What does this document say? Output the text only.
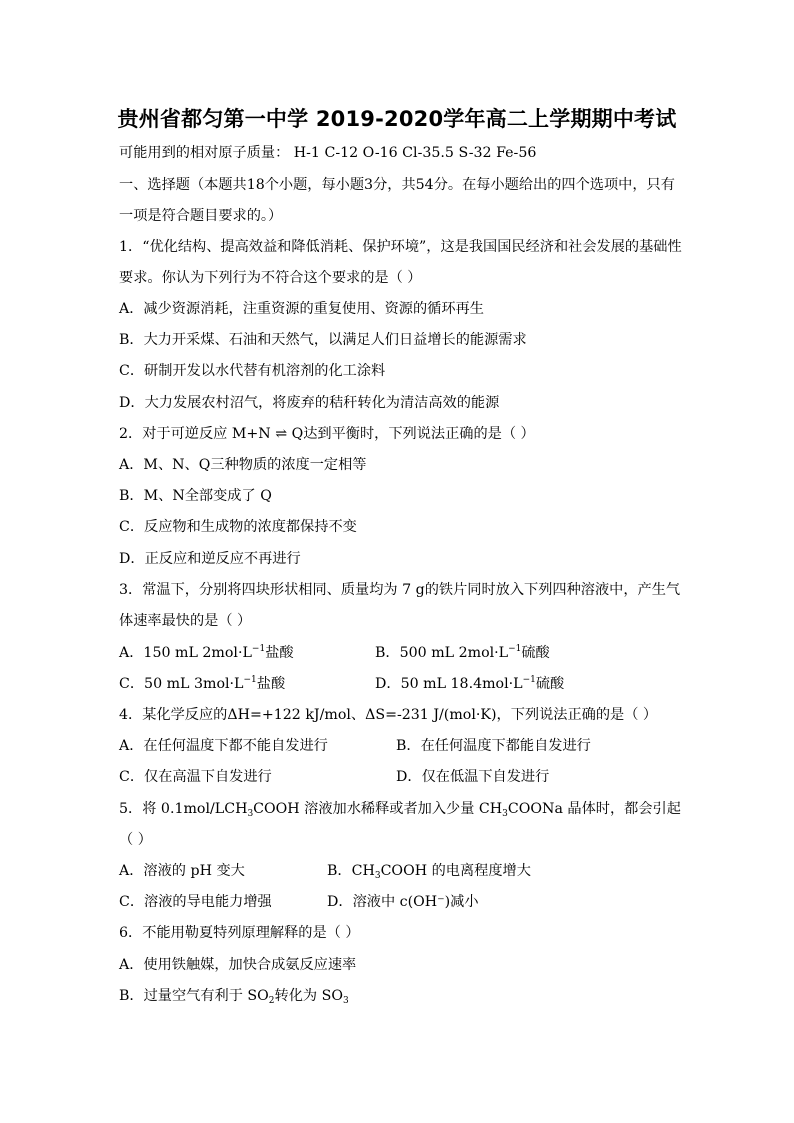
贵州省都匀第一中学 2019-2020学年高二上学期期中考试
可能用到的相对原子质量： H-1 C-12 O-16 Cl-35.5 S-32 Fe-56
一、选择题（本题共18个小题，每小题3分，共54分。在每小题给出的四个选项中，只有
一项是符合题目要求的。）
1．“优化结构、提高效益和降低消耗、保护环境”，这是我国国民经济和社会发展的基础性
要求。你认为下列行为不符合这个要求的是（ ）
A．减少资源消耗，注重资源的重复使用、资源的循环再生
B．大力开采煤、石油和天然气，以满足人们日益增长的能源需求
C．研制开发以水代替有机溶剂的化工涂料
D．大力发展农村沼气，将废弃的秸秆转化为清洁高效的能源
2．对于可逆反应 M+N ⇌ Q达到平衡时，下列说法正确的是（ ）
A．M、N、Q三种物质的浓度一定相等
B．M、N全部变成了 Q
C．反应物和生成物的浓度都保持不变
D．正反应和逆反应不再进行
3．常温下，分别将四块形状相同、质量均为 7 g的铁片同时放入下列四种溶液中，产生气
体速率最快的是（ ）
A．150 mL $2mol\cdot L^{-1}$盐酸	B．500 mL $2mol\cdot L^{-1}$硫酸
C．50 mL $3mol\cdot L^{-1}$盐酸	D．50 mL $18.4mol\cdot L^{-1}$硫酸
4．某化学反应的ΔH=+122 kJ/mol、ΔS=-231 J/(mol·K)，下列说法正确的是（ ）
A．在任何温度下都不能自发进行	B．在任何温度下都能自发进行
C．仅在高温下自发进行	D．仅在低温下自发进行
5．将 $0.1mol/LCH_3COOH$ 溶液加水稀释或者加入少量 $CH_3COONa$ 晶体时，都会引起
（ ）
A．溶液的 pH 变大	B．$CH_3COOH$ 的电离程度增大
C．溶液的导电能力增强	D．溶液中 c(OH⁻)减小
6．不能用勒夏特列原理解释的是（ ）
A．使用铁触媒，加快合成氨反应速率
B．过量空气有利于 $SO_2$转化为 $SO_3$
